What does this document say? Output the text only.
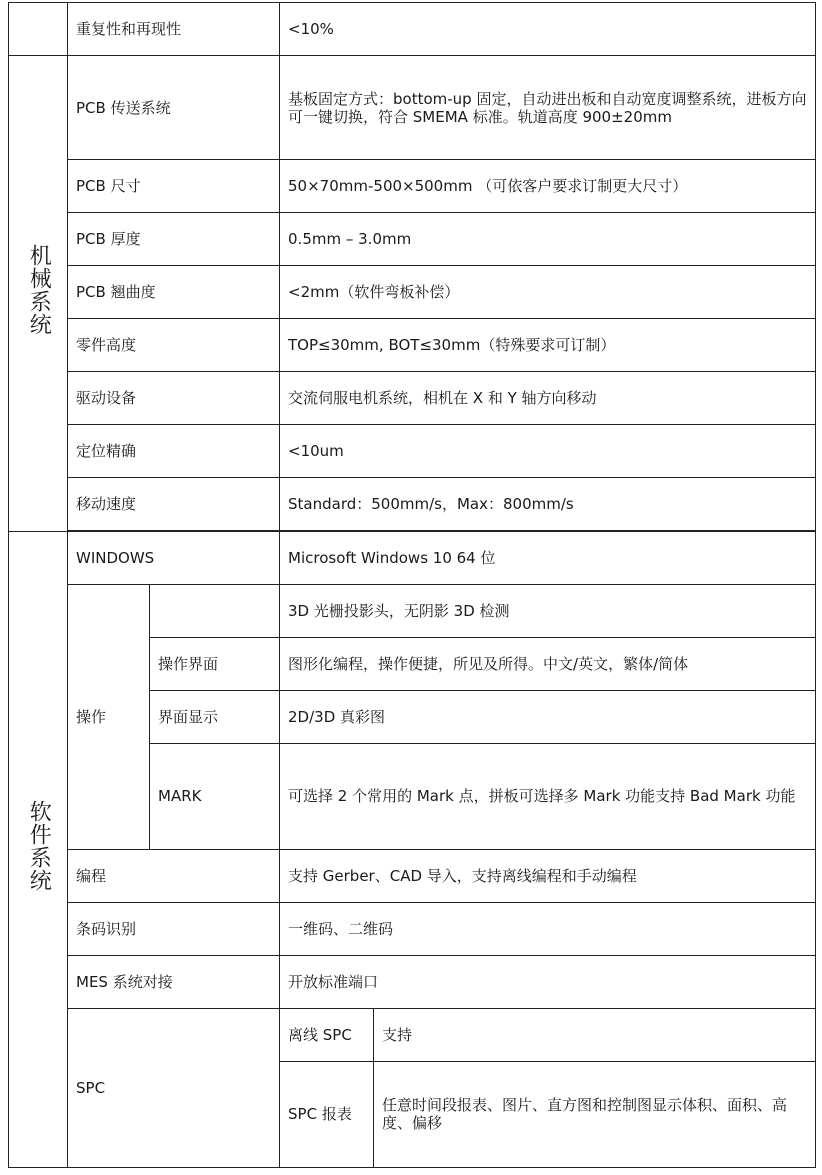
	重复性和再现性		<10%	
机械系统	PCB 传送系统		基板固定方式：bottom-up 固定，自动进出板和自动宽度调整系统，进板方向可一键切换，符合 SMEMA 标准。轨道高度 900±20mm	
	PCB 尺寸		50×70mm-500×500mm （可依客户要求订制更大尺寸）	
	PCB 厚度		0.5mm – 3.0mm	
	PCB 翘曲度		<2mm（软件弯板补偿）	
	零件高度		TOP≤30mm, BOT≤30mm（特殊要求可订制）	
	驱动设备		交流伺服电机系统，相机在 X 和 Y 轴方向移动	
	定位精确		<10um	
	移动速度		Standard：500mm/s，Max：800mm/s	

软件系统	WINDOWS		Microsoft Windows 10 64 位	
	操作		3D 光栅投影头，无阴影 3D 检测	
		操作界面	图形化编程，操作便捷，所见及所得。中文/英文，繁体/简体	
		界面显示	2D/3D 真彩图	
		MARK	可选择 2 个常用的 Mark 点，拼板可选择多 Mark 功能支持 Bad Mark 功能	
	编程		支持 Gerber、CAD 导入，支持离线编程和手动编程	
	条码识别		一维码、二维码	
	MES 系统对接		开放标准端口	
	SPC		离线 SPC	支持
			SPC 报表	任意时间段报表、图片、直方图和控制图显示体积、面积、高度、偏移
